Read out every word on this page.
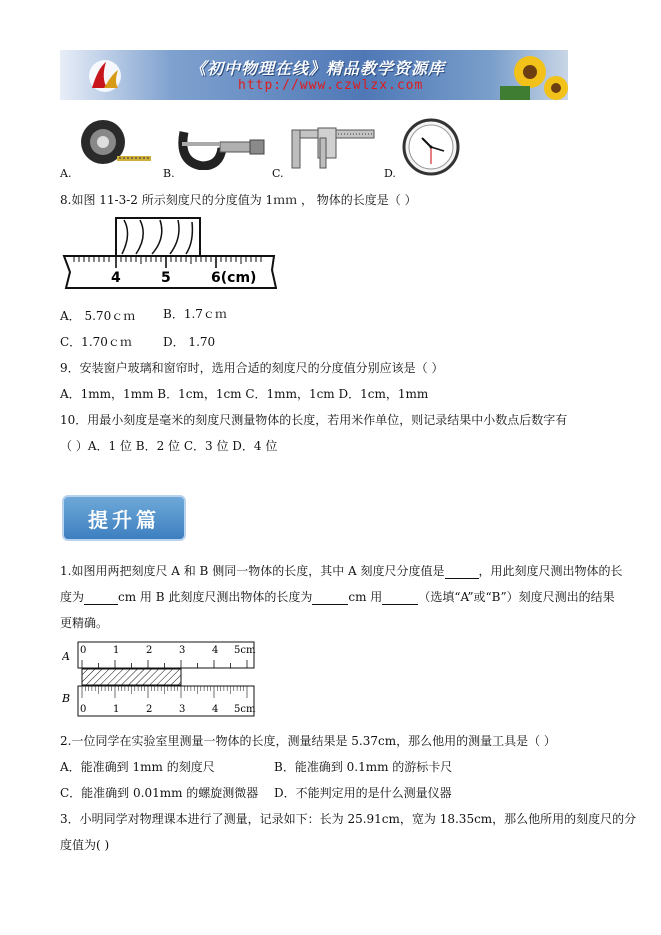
《初中物理在线》精品教学资源库
http://www.czwlzx.com
A.	B.	C.	D.
8.如图 11-3-2 所示刻度尺的分度值为 1ｍｍ ， 物体的长度是（ ）
4	5	6(cm)
A． 5.70ｃｍ B．1.7ｃｍ
C．1.70ｃｍ	D． 1.70
9．安装窗户玻璃和窗帘时，选用合适的刻度尺的分度值分别应该是（ ）
A．1mm，1mm B．1cm，1cm C．1mm，1cm D．1cm，1mm
10．用最小刻度是毫米的刻度尺测量物体的长度，若用米作单位，则记录结果中小数点后数字有
（ ）A．1 位 B．2 位 C．3 位 D．4 位
提升篇
1.如图用两把刻度尺 A 和 B 侧同一物体的长度，其中 A 刻度尺分度值是	，用此刻度尺测出物体的长
度为	cm 用 B 此刻度尺测出物体的长度为	cm 用	（选填“A”或“B”）刻度尺测出的结果
更精确。
A 0	1	2	3	4 5cm
B
0	1	2	3	4 5cm
2.一位同学在实验室里测量一物体的长度，测量结果是 5.37cm，那么他用的测量工具是（ ）
A．能准确到 1mm 的刻度尺	B．能准确到 0.1mm 的游标卡尺
C．能准确到 0.01mm 的螺旋测微器 D．不能判定用的是什么测量仪器
3．小明同学对物理课本进行了测量，记录如下：长为 25.91cm，宽为 18.35cm，那么他所用的刻度尺的分
度值为( )
